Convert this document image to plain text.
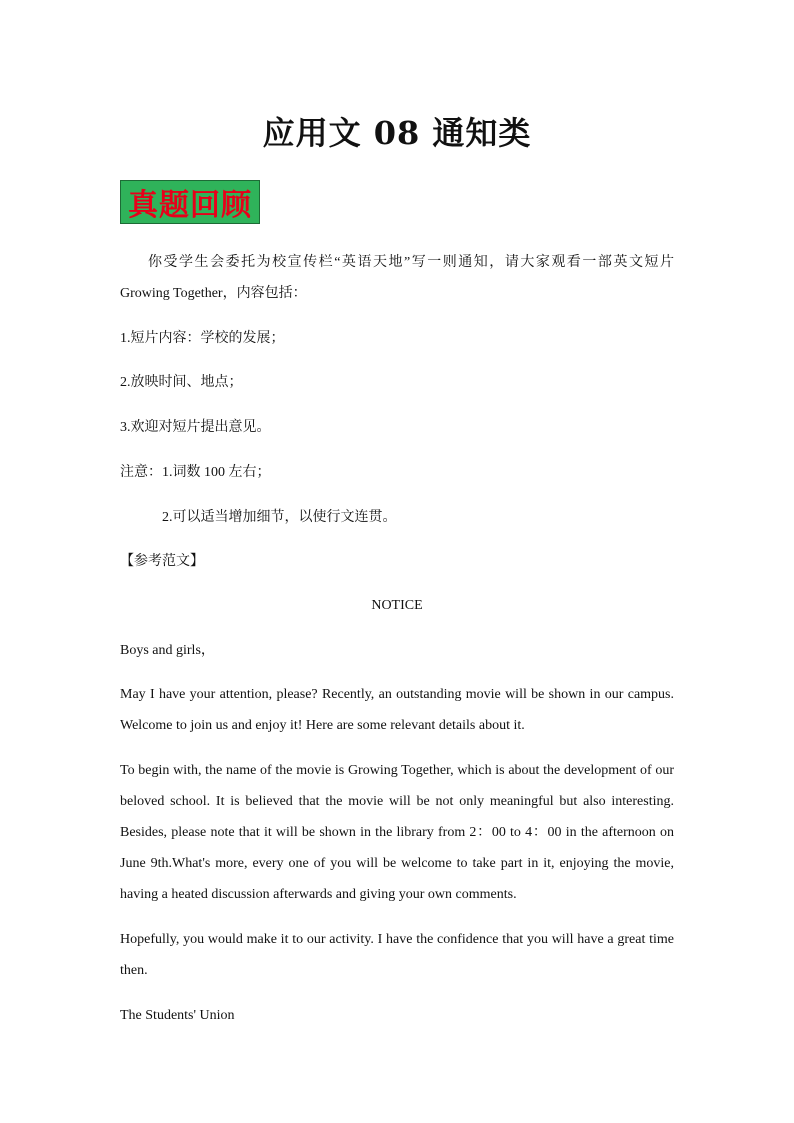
应用文 08 通知类
真题回顾
你受学生会委托为校宣传栏“英语天地”写一则通知，请大家观看一部英文短片 Growing Together，内容包括：
1.短片内容：学校的发展；
2.放映时间、地点；
3.欢迎对短片提出意见。
注意：1.词数 100 左右；
2.可以适当增加细节，以使行文连贯。
【参考范文】
NOTICE
Boys and girls，
May I have your attention, please? Recently, an outstanding movie will be shown in our campus. Welcome to join us and enjoy it! Here are some relevant details about it.
To begin with, the name of the movie is Growing Together, which is about the development of our beloved school. It is believed that the movie will be not only meaningful but also interesting. Besides, please note that it will be shown in the library from 2：00 to 4：00 in the afternoon on June 9th.What's more, every one of you will be welcome to take part in it, enjoying the movie, having a heated discussion afterwards and giving your own comments.
Hopefully, you would make it to our activity. I have the confidence that you will have a great time then.
The Students' Union
